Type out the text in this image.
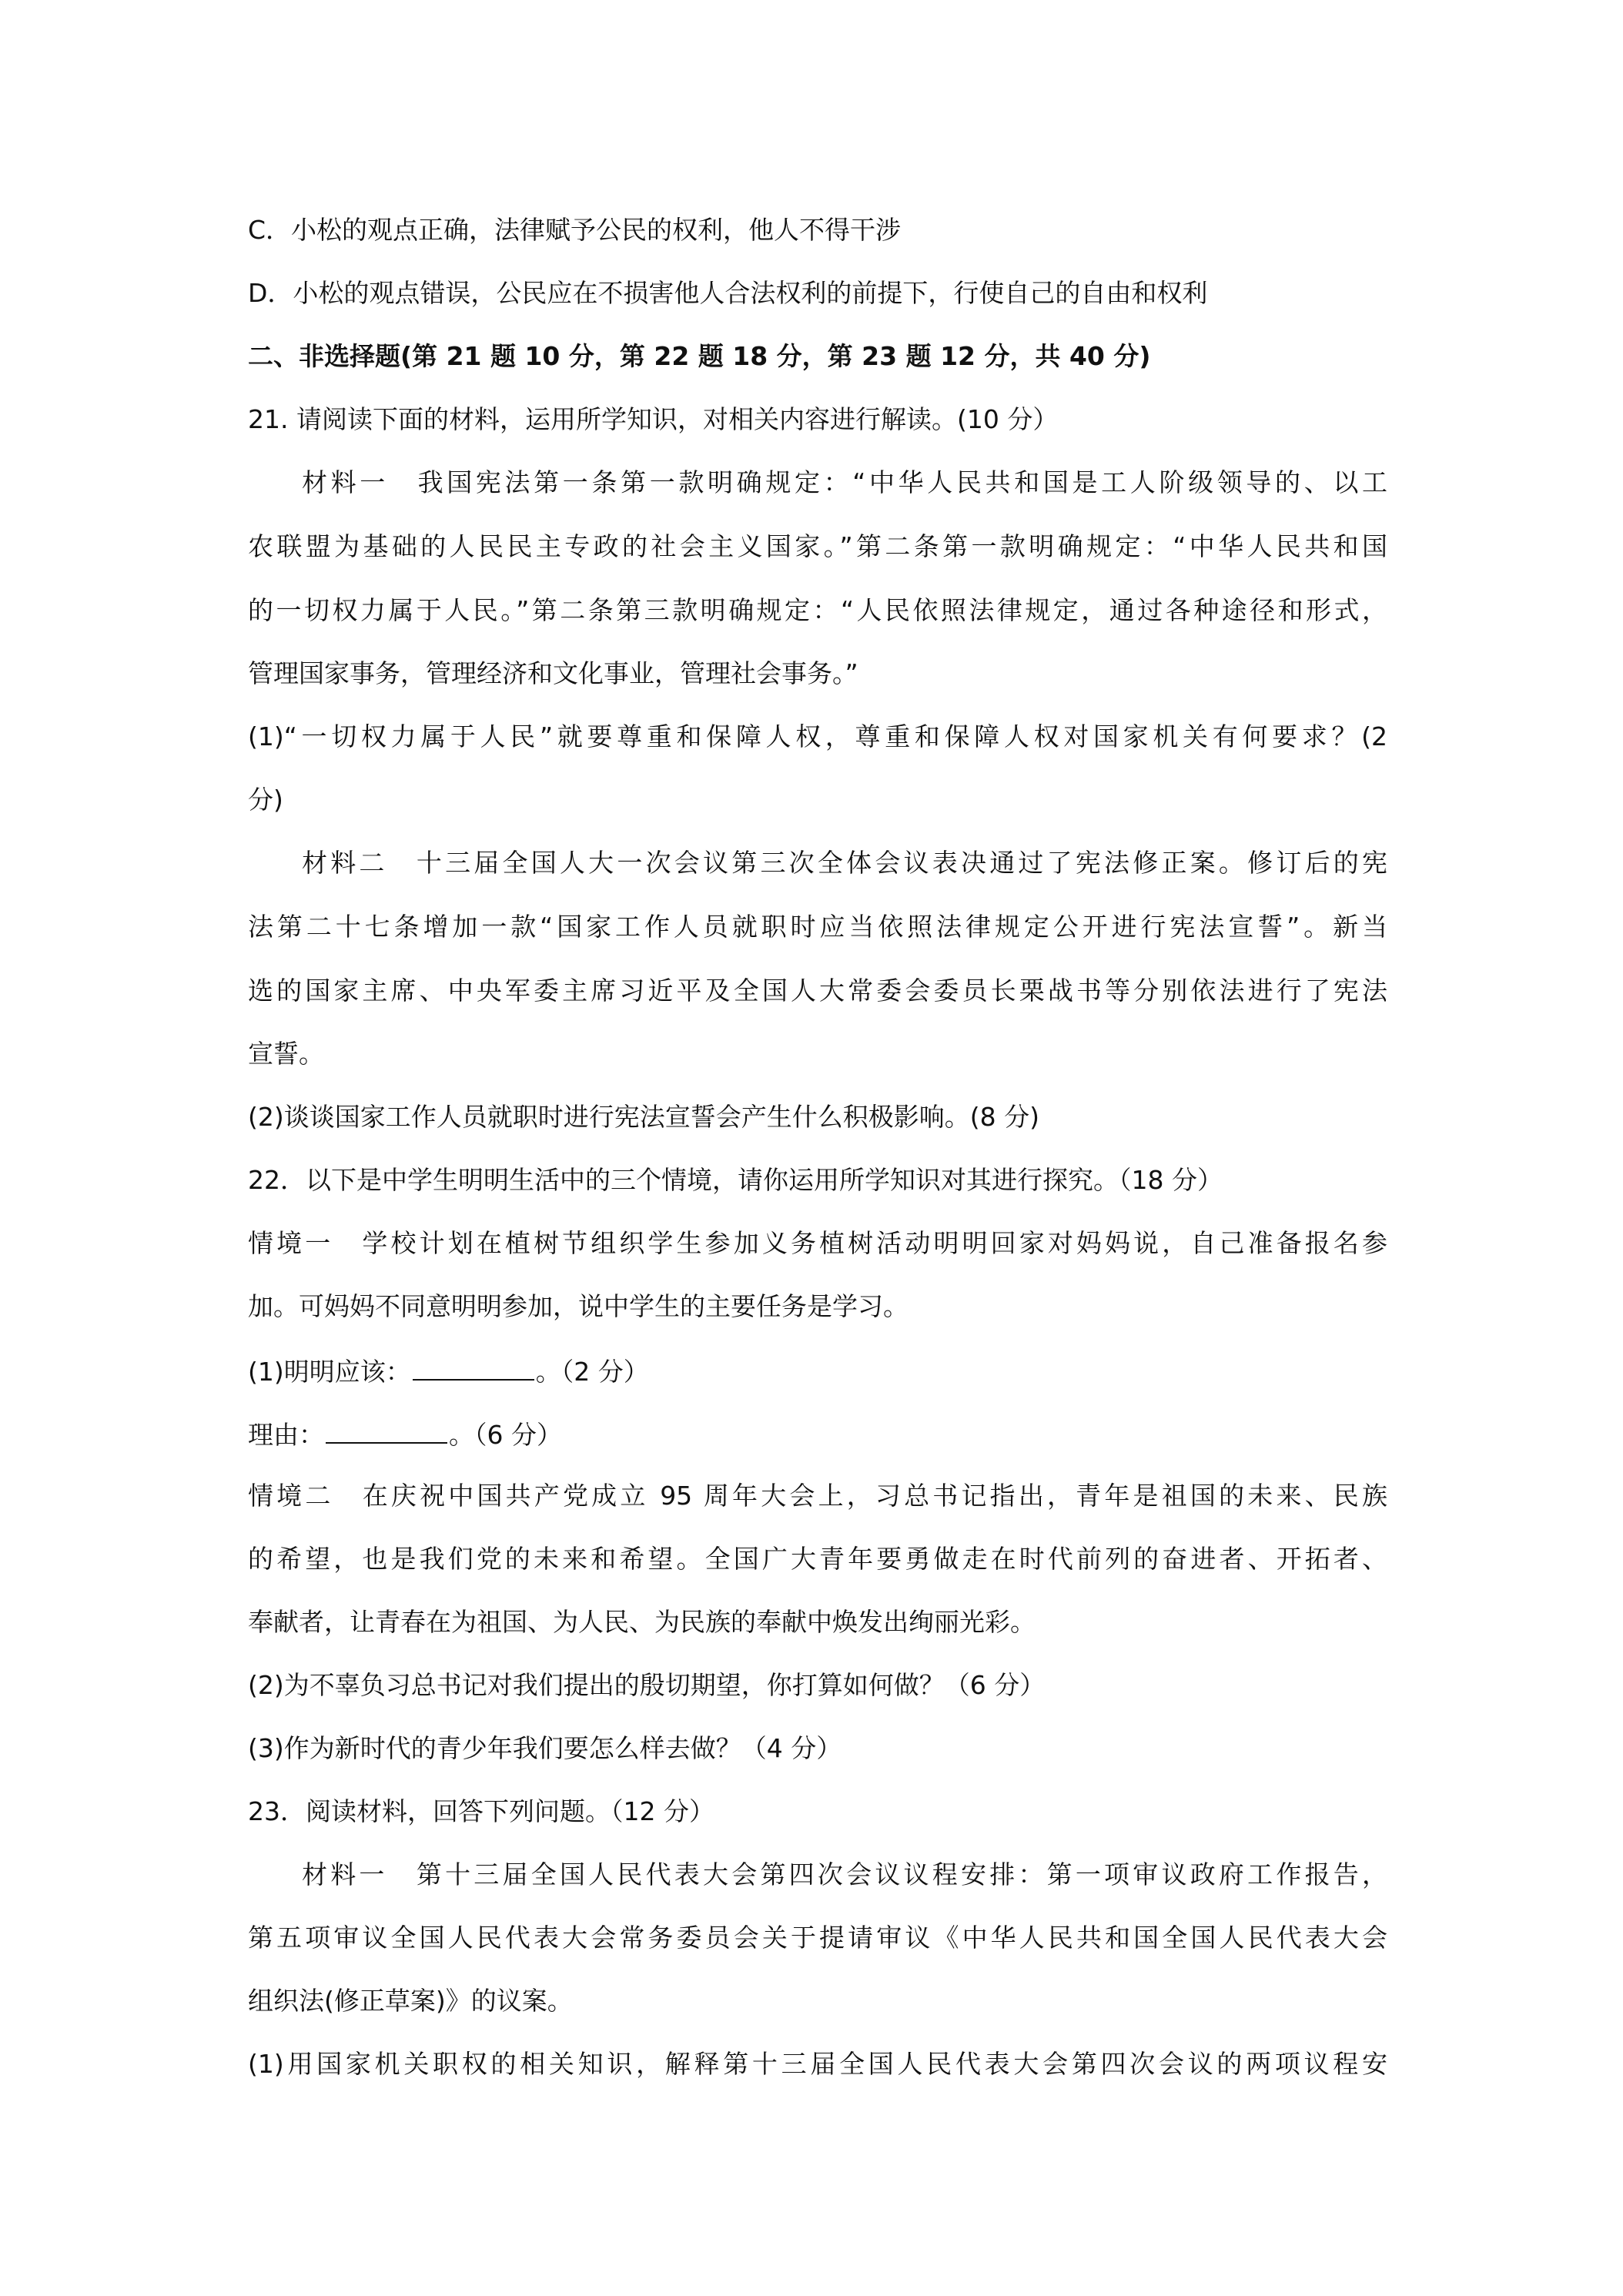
C．小松的观点正确，法律赋予公民的权利，他人不得干涉
D．小松的观点错误，公民应在不损害他人合法权利的前提下，行使自己的自由和权利
二、非选择题(第 21 题 10 分，第 22 题 18 分，第 23 题 12 分，共 40 分)
21. 请阅读下面的材料，运用所学知识，对相关内容进行解读。(10 分）
材料一　我国宪法第一条第一款明确规定：“中华人民共和国是工人阶级领导的、以工
农联盟为基础的人民民主专政的社会主义国家。”第二条第一款明确规定：“中华人民共和国
的一切权力属于人民。”第二条第三款明确规定：“人民依照法律规定，通过各种途径和形式，
管理国家事务，管理经济和文化事业，管理社会事务。”
(1)“一切权力属于人民”就要尊重和保障人权，尊重和保障人权对国家机关有何要求？(2
分)
材料二　十三届全国人大一次会议第三次全体会议表决通过了宪法修正案。修订后的宪
法第二十七条增加一款“国家工作人员就职时应当依照法律规定公开进行宪法宣誓”。新当
选的国家主席、中央军委主席习近平及全国人大常委会委员长栗战书等分别依法进行了宪法
宣誓。
(2)谈谈国家工作人员就职时进行宪法宣誓会产生什么积极影响。(8 分)
22．以下是中学生明明生活中的三个情境，请你运用所学知识对其进行探究。（18 分）
情境一　学校计划在植树节组织学生参加义务植树活动明明回家对妈妈说，自己准备报名参
加。可妈妈不同意明明参加，说中学生的主要任务是学习。
(1)明明应该：	。（2 分）
理由：	。（6 分）
情境二　在庆祝中国共产党成立 95 周年大会上，习总书记指出，青年是祖国的未来、民族
的希望，也是我们党的未来和希望。全国广大青年要勇做走在时代前列的奋进者、开拓者、
奉献者，让青春在为祖国、为人民、为民族的奉献中焕发出绚丽光彩。
(2)为不辜负习总书记对我们提出的殷切期望，你打算如何做？（6 分）
(3)作为新时代的青少年我们要怎么样去做？（4 分）
23．阅读材料，回答下列问题。（12 分）
材料一　第十三届全国人民代表大会第四次会议议程安排：第一项审议政府工作报告，
第五项审议全国人民代表大会常务委员会关于提请审议《中华人民共和国全国人民代表大会
组织法(修正草案)》的议案。
(1)用国家机关职权的相关知识，解释第十三届全国人民代表大会第四次会议的两项议程安
